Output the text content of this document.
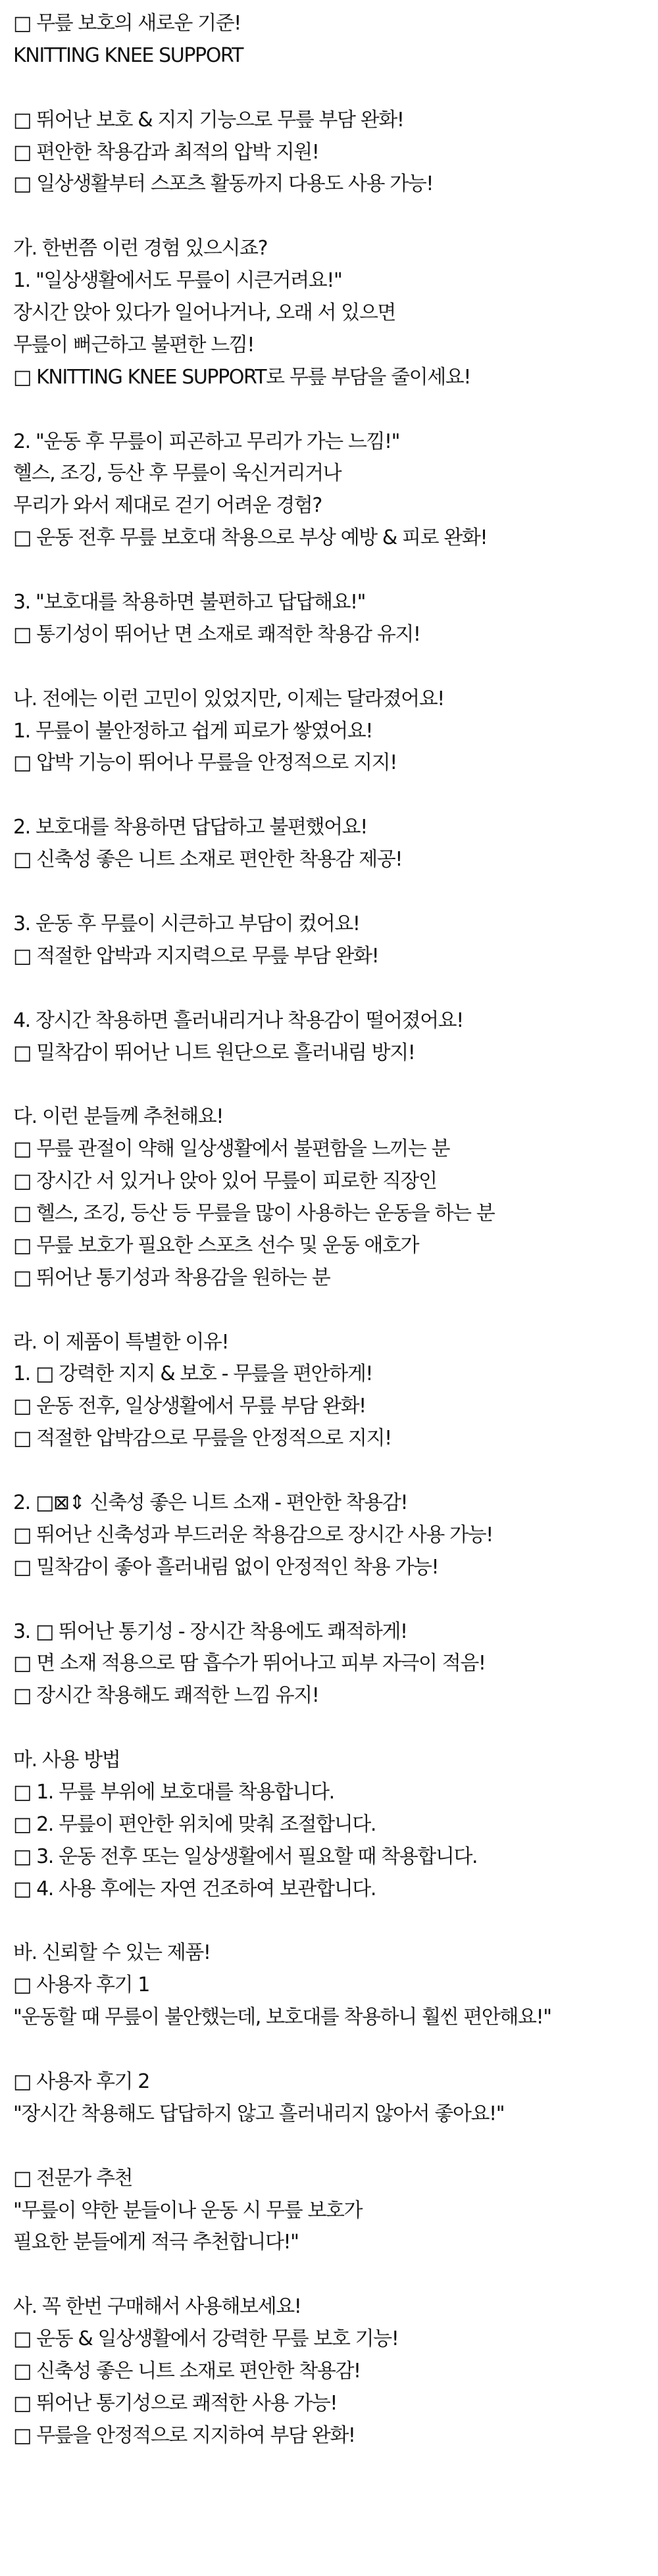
□ 무릎 보호의 새로운 기준!
KNITTING KNEE SUPPORT
□ 뛰어난 보호 & 지지 기능으로 무릎 부담 완화!
□ 편안한 착용감과 최적의 압박 지원!
□ 일상생활부터 스포츠 활동까지 다용도 사용 가능!
가. 한번쯤 이런 경험 있으시죠?
1. "일상생활에서도 무릎이 시큰거려요!"
장시간 앉아 있다가 일어나거나, 오래 서 있으면
무릎이 뻐근하고 불편한 느낌!
□ KNITTING KNEE SUPPORT로 무릎 부담을 줄이세요!
2. "운동 후 무릎이 피곤하고 무리가 가는 느낌!"
헬스, 조깅, 등산 후 무릎이 욱신거리거나
무리가 와서 제대로 걷기 어려운 경험?
□ 운동 전후 무릎 보호대 착용으로 부상 예방 & 피로 완화!
3. "보호대를 착용하면 불편하고 답답해요!"
□ 통기성이 뛰어난 면 소재로 쾌적한 착용감 유지!
나. 전에는 이런 고민이 있었지만, 이제는 달라졌어요!
1. 무릎이 불안정하고 쉽게 피로가 쌓였어요!
□ 압박 기능이 뛰어나 무릎을 안정적으로 지지!
2. 보호대를 착용하면 답답하고 불편했어요!
□ 신축성 좋은 니트 소재로 편안한 착용감 제공!
3. 운동 후 무릎이 시큰하고 부담이 컸어요!
□ 적절한 압박과 지지력으로 무릎 부담 완화!
4. 장시간 착용하면 흘러내리거나 착용감이 떨어졌어요!
□ 밀착감이 뛰어난 니트 원단으로 흘러내림 방지!
다. 이런 분들께 추천해요!
□ 무릎 관절이 약해 일상생활에서 불편함을 느끼는 분
□ 장시간 서 있거나 앉아 있어 무릎이 피로한 직장인
□ 헬스, 조깅, 등산 등 무릎을 많이 사용하는 운동을 하는 분
□ 무릎 보호가 필요한 스포츠 선수 및 운동 애호가
□ 뛰어난 통기성과 착용감을 원하는 분
라. 이 제품이 특별한 이유!
1. □ 강력한 지지 & 보호 - 무릎을 편안하게!
□ 운동 전후, 일상생활에서 무릎 부담 완화!
□ 적절한 압박감으로 무릎을 안정적으로 지지!
2. □⊠⇕ 신축성 좋은 니트 소재 - 편안한 착용감!
□ 뛰어난 신축성과 부드러운 착용감으로 장시간 사용 가능!
□ 밀착감이 좋아 흘러내림 없이 안정적인 착용 가능!
3. □ 뛰어난 통기성 - 장시간 착용에도 쾌적하게!
□ 면 소재 적용으로 땀 흡수가 뛰어나고 피부 자극이 적음!
□ 장시간 착용해도 쾌적한 느낌 유지!
마. 사용 방법
□ 1. 무릎 부위에 보호대를 착용합니다.
□ 2. 무릎이 편안한 위치에 맞춰 조절합니다.
□ 3. 운동 전후 또는 일상생활에서 필요할 때 착용합니다.
□ 4. 사용 후에는 자연 건조하여 보관합니다.
바. 신뢰할 수 있는 제품!
□ 사용자 후기 1
"운동할 때 무릎이 불안했는데, 보호대를 착용하니 훨씬 편안해요!"
□ 사용자 후기 2
"장시간 착용해도 답답하지 않고 흘러내리지 않아서 좋아요!"
□ 전문가 추천
"무릎이 약한 분들이나 운동 시 무릎 보호가
필요한 분들에게 적극 추천합니다!"
사. 꼭 한번 구매해서 사용해보세요!
□ 운동 & 일상생활에서 강력한 무릎 보호 기능!
□ 신축성 좋은 니트 소재로 편안한 착용감!
□ 뛰어난 통기성으로 쾌적한 사용 가능!
□ 무릎을 안정적으로 지지하여 부담 완화!
